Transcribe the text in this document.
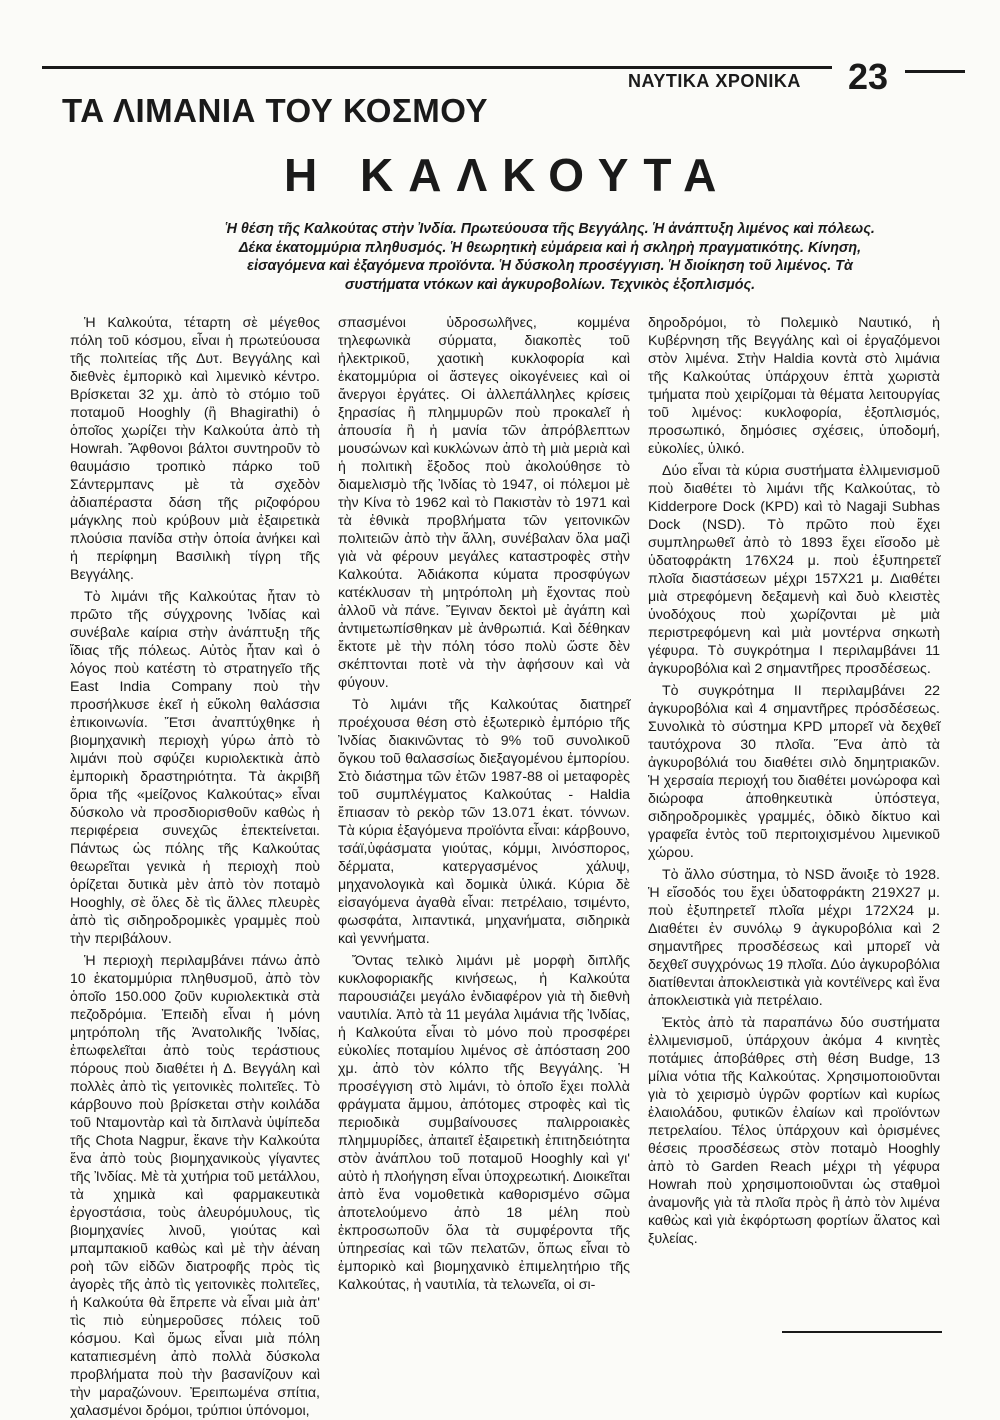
ΤΑ ΛΙΜΑΝΙΑ ΤΟΥ ΚΟΣΜΟΥ
ΝΑΥΤΙΚΑ ΧΡΟΝΙΚΑ 23
Η ΚΑΛΚΟΥΤΑ
Ἡ θέση τῆς Καλκούτας στὴν Ἰνδία. Πρωτεύουσα τῆς Βεγγάλης. Ἡ ἀνάπτυξη λιμένος καὶ πόλεως. Δέκα ἑκατομμύρια πληθυσμός. Ἡ θεωρητικὴ εὐμάρεια καὶ ἡ σκληρὴ πραγματικότης. Κίνηση, εἰσαγόμενα καὶ ἐξαγόμενα προϊόντα. Ἡ δύσκολη προσέγγιση. Ἡ διοίκηση τοῦ λιμένος. Τὰ συστήματα ντόκων καὶ ἀγκυροβολίων. Τεχνικὸς ἐξοπλισμός.

Ἡ Καλκούτα, τέταρτη σὲ μέγεθος πόλη τοῦ κόσμου, εἶναι ἡ πρωτεύουσα τῆς πολιτείας τῆς Δυτ. Βεγγάλης καὶ διεθνὲς ἐμπορικὸ καὶ λιμενικὸ κέντρο. Βρίσκεται 32 χμ. ἀπὸ τὸ στόμιο τοῦ ποταμοῦ Hooghly (ἢ Bhagirathi) ὁ ὁποῖος χωρίζει τὴν Καλκούτα ἀπὸ τὴ Howrah. Ἄφθονοι βάλτοι συντηροῦν τὸ θαυμάσιο τροπικὸ πάρκο τοῦ Σάντερμπανς μὲ τὰ σχεδὸν ἀδιαπέραστα δάση τῆς ριζοφόρου μάγκλης ποὺ κρύβουν μιὰ ἐξαιρετικὰ πλούσια πανίδα στὴν ὁποία ἀνήκει καὶ ἡ περίφημη Βασιλικὴ τίγρη τῆς Βεγγάλης.

Τὸ λιμάνι τῆς Καλκούτας ἦταν τὸ πρῶτο τῆς σύγχρονης Ἰνδίας καὶ συνέβαλε καίρια στὴν ἀνάπτυξη τῆς ἴδιας τῆς πόλεως. Αὐτὸς ἦταν καὶ ὁ λόγος ποὺ κατέστη τὸ στρατηγεῖο τῆς East India Company ποὺ τὴν προσήλκυσε ἐκεῖ ἡ εὔκολη θαλάσσια ἐπικοινωνία. Ἔτσι ἀναπτύχθηκε ἡ βιομηχανικὴ περιοχὴ γύρω ἀπὸ τὸ λιμάνι ποὺ σφύζει κυριολεκτικὰ ἀπὸ ἐμπορικὴ δραστηριότητα. Τὰ ἀκριβῆ ὅρια τῆς «μείζονος Καλκούτας» εἶναι δύσκολο νὰ προσδιορισθοῦν καθὼς ἡ περιφέρεια συνεχῶς ἐπεκτείνεται. Πάντως ὡς πόλης τῆς Καλκούτας θεωρεῖται γενικὰ ἡ περιοχὴ ποὺ ὁρίζεται δυτικὰ μὲν ἀπὸ τὸν ποταμὸ Hooghly, σὲ ὅλες δὲ τὶς ἄλλες πλευρὲς ἀπὸ τὶς σιδηροδρομικὲς γραμμὲς ποὺ τὴν περιβάλουν.

Ἡ περιοχὴ περιλαμβάνει πάνω ἀπὸ 10 ἑκατομμύρια πληθυσμοῦ, ἀπὸ τὸν ὁποῖο 150.000 ζοῦν κυριολεκτικὰ στὰ πεζοδρόμια. Ἐπειδὴ εἶναι ἡ μόνη μητρόπολη τῆς Ἀνατολικῆς Ἰνδίας, ἐπωφελεῖται ἀπὸ τοὺς τεράστιους πόρους ποὺ διαθέτει ἡ Δ. Βεγγάλη καὶ πολλὲς ἀπὸ τὶς γειτονικὲς πολιτεῖες. Τὸ κάρβουνο ποὺ βρίσκεται στὴν κοιλάδα τοῦ Νταμοντὰρ καὶ τὰ διπλανὰ ὑψίπεδα τῆς Chota Nagpur, ἔκανε τὴν Καλκούτα ἕνα ἀπὸ τοὺς βιομηχανικοὺς γίγαντες τῆς Ἰνδίας. Μὲ τὰ χυτήρια τοῦ μετάλλου, τὰ χημικὰ καὶ φαρμακευτικὰ ἐργοστάσια, τοὺς ἀλευρόμυλους, τὶς βιομηχανίες λινοῦ, γιούτας καὶ μπαμπακιοῦ καθὼς καὶ μὲ τὴν ἀέναη ροὴ τῶν εἰδῶν διατροφῆς πρὸς τὶς ἀγορὲς τῆς ἀπὸ τὶς γειτονικὲς πολιτεῖες, ἡ Καλκούτα θὰ ἔπρεπε νὰ εἶναι μιὰ ἀπ' τὶς πιὸ εὐημεροῦσες πόλεις τοῦ κόσμου. Καὶ ὅμως εἶναι μιὰ πόλη καταπιεσμένη ἀπὸ πολλὰ δύσκολα προβλήματα ποὺ τὴν βασανίζουν καὶ τὴν μαραζώνουν. Ἐρειπωμένα σπίτια, χαλασμένοι δρόμοι, τρύπιοι ὑπόνομοι,

σπασμένοι ὑδροσωλῆνες, κομμένα τηλεφωνικὰ σύρματα, διακοπὲς τοῦ ἠλεκτρικοῦ, χαοτικὴ κυκλοφορία καὶ ἑκατομμύρια οἱ ἄστεγες οἰκογένειες καὶ οἱ ἄνεργοι ἐργάτες. Οἱ ἀλλεπάλληλες κρίσεις ξηρασίας ἢ πλημμυρῶν ποὺ προκαλεῖ ἡ ἀπουσία ἢ ἡ μανία τῶν ἀπρόβλεπτων μουσώνων καὶ κυκλώνων ἀπὸ τὴ μιὰ μεριὰ καὶ ἡ πολιτικὴ ἔξοδος ποὺ ἀκολούθησε τὸ διαμελισμὸ τῆς Ἰνδίας τὸ 1947, οἱ πόλεμοι μὲ τὴν Κίνα τὸ 1962 καὶ τὸ Πακιστὰν τὸ 1971 καὶ τὰ ἐθνικὰ προβλήματα τῶν γειτονικῶν πολιτειῶν ἀπὸ τὴν ἄλλη, συνέβαλαν ὅλα μαζὶ γιὰ νὰ φέρουν μεγάλες καταστροφὲς στὴν Καλκούτα. Ἀδιάκοπα κύματα προσφύγων κατέκλυσαν τὴ μητρόπολη μὴ ἔχοντας ποὺ ἀλλοῦ νὰ πάνε. Ἔγιναν δεκτοὶ μὲ ἀγάπη καὶ ἀντιμετωπίσθηκαν μὲ ἀνθρωπιά. Καὶ δέθηκαν ἔκτοτε μὲ τὴν πόλη τόσο πολὺ ὥστε δὲν σκέπτονται ποτὲ νὰ τὴν ἀφήσουν καὶ νὰ φύγουν.

Τὸ λιμάνι τῆς Καλκούτας διατηρεῖ προέχουσα θέση στὸ ἐξωτερικὸ ἐμπόριο τῆς Ἰνδίας διακινῶντας τὸ 9% τοῦ συνολικοῦ ὄγκου τοῦ θαλασσίως διεξαγομένου ἐμπορίου. Στὸ διάστημα τῶν ἐτῶν 1987-88 οἱ μεταφορὲς τοῦ συμπλέγματος Καλκούτας - Haldia ἔπιασαν τὸ ρεκὸρ τῶν 13.071 ἑκατ. τόννων. Τὰ κύρια ἐξαγόμενα προϊόντα εἶναι: κάρβουνο, τσάϊ,ὑφάσματα γιούτας, κόμμι, λινόσπορος, δέρματα, κατεργασμένος χάλυψ, μηχανολογικὰ καὶ δομικὰ ὑλικά. Κύρια δὲ εἰσαγόμενα ἀγαθὰ εἶναι: πετρέλαιο, τσιμέντο, φωσφάτα, λιπαντικά, μηχανήματα, σιδηρικὰ καὶ γεννήματα.

Ὄντας τελικὸ λιμάνι μὲ μορφὴ διπλῆς κυκλοφοριακῆς κινήσεως, ἡ Καλκούτα παρουσιάζει μεγάλο ἐνδιαφέρον γιὰ τὴ διεθνὴ ναυτιλία. Ἀπὸ τὰ 11 μεγάλα λιμάνια τῆς Ἰνδίας, ἡ Καλκούτα εἶναι τὸ μόνο ποὺ προσφέρει εὐκολίες ποταμίου λιμένος σὲ ἀπόσταση 200 χμ. ἀπὸ τὸν κόλπο τῆς Βεγγάλης. Ἡ προσέγγιση στὸ λιμάνι, τὸ ὁποῖο ἔχει πολλὰ φράγματα ἄμμου, ἀπότομες στροφὲς καὶ τὶς περιοδικὰ συμβαίνουσες παλιρροιακὲς πλημμυρίδες, ἀπαιτεῖ ἐξαιρετικὴ ἐπιτηδειότητα στὸν ἀνάπλου τοῦ ποταμοῦ Hooghly καὶ γι' αὐτὸ ἡ πλοήγηση εἶναι ὑποχρεωτική. Διοικεῖται ἀπὸ ἕνα νομοθετικὰ καθορισμένο σῶμα ἀποτελούμενο ἀπὸ 18 μέλη ποὺ ἐκπροσωποῦν ὅλα τὰ συμφέροντα τῆς ὑπηρεσίας καὶ τῶν πελατῶν, ὅπως εἶναι τὸ ἐμπορικὸ καὶ βιομηχανικὸ ἐπιμελητήριο τῆς Καλκούτας, ἡ ναυτιλία, τὰ τελωνεῖα, οἱ σι-

δηροδρόμοι, τὸ Πολεμικὸ Ναυτικό, ἡ Κυβέρνηση τῆς Βεγγάλης καὶ οἱ ἐργαζόμενοι στὸν λιμένα. Στὴν Haldia κοντὰ στὸ λιμάνια τῆς Καλκούτας ὑπάρχουν ἑπτὰ χωριστὰ τμήματα ποὺ χειρίζομαι τὰ θέματα λειτουργίας τοῦ λιμένος: κυκλοφορία, ἐξοπλισμός, προσωπικό, δημόσιες σχέσεις, ὑποδομή, εὐκολίες, ὑλικό.

Δύο εἶναι τὰ κύρια συστήματα ἐλλιμενισμοῦ ποὺ διαθέτει τὸ λιμάνι τῆς Καλκούτας, τὸ Kidderpore Dock (KPD) καὶ τὸ Nagaji Subhas Dock (NSD). Τὸ πρῶτο ποὺ ἔχει συμπληρωθεῖ ἀπὸ τὸ 1893 ἔχει εἴσοδο μὲ ὑδατοφράκτη 176Χ24 μ. ποὺ ἐξυπηρετεῖ πλοῖα διαστάσεων μέχρι 157Χ21 μ. Διαθέτει μιὰ στρεφόμενη δεξαμενὴ καὶ δυὸ κλειστὲς ὑνοδόχους ποὺ χωρίζονται μὲ μιὰ περιστρεφόμενη καὶ μιὰ μοντέρνα σηκωτὴ γέφυρα. Τὸ συγκρότημα Ι περιλαμβάνει 11 ἀγκυροβόλια καὶ 2 σημαντῆρες προσδέσεως.

Τὸ συγκρότημα ΙΙ περιλαμβάνει 22 ἀγκυροβόλια καὶ 4 σημαντῆρες πρόσδέσεως. Συνολικὰ τὸ σύστημα KPD μπορεῖ νὰ δεχθεῖ ταυτόχρονα 30 πλοῖα. Ἕνα ἀπὸ τὰ ἀγκυροβόλιά του διαθέτει σιλὸ δημητριακῶν. Ἡ χερσαία περιοχή του διαθέτει μονώροφα καὶ διώροφα ἀποθηκευτικὰ ὑπόστεγα, σιδηροδρομικὲς γραμμές, ὁδικὸ δίκτυο καὶ γραφεῖα ἐντὸς τοῦ περιτοιχισμένου λιμενικοῦ χώρου.

Τὸ ἄλλο σύστημα, τὸ NSD ἄνοιξε τὸ 1928. Ἡ εἴσοδός του ἔχει ὑδατοφράκτη 219Χ27 μ. ποὺ ἐξυπηρετεῖ πλοῖα μέχρι 172Χ24 μ. Διαθέτει ἐν συνόλῳ 9 ἀγκυροβόλια καὶ 2 σημαντῆρες προσδέσεως καὶ μπορεῖ νὰ δεχθεῖ συγχρόνως 19 πλοῖα. Δύο ἀγκυροβόλια διατίθενται ἀποκλειστικὰ γιὰ κοντέϊνερς καὶ ἕνα ἀποκλειστικὰ γιὰ πετρέλαιο.

Ἐκτὸς ἀπὸ τὰ παραπάνω δύο συστήματα ἐλλιμενισμοῦ, ὑπάρχουν ἀκόμα 4 κινητὲς ποτάμιες ἀποβάθρες στὴ θέση Budge, 13 μίλια νότια τῆς Καλκούτας. Χρησιμοποιοῦνται γιὰ τὸ χειρισμὸ ὑγρῶν φορτίων καὶ κυρίως ἐλαιολάδου, φυτικῶν ἐλαίων καὶ προϊόντων πετρελαίου. Τέλος ὑπάρχουν καὶ ὁρισμένες θέσεις προσδέσεως στὸν ποταμὸ Hooghly ἀπὸ τὸ Garden Reach μέχρι τὴ γέφυρα Howrah ποὺ χρησιμοποιοῦνται ὡς σταθμοὶ ἀναμονῆς γιὰ τὰ πλοῖα πρὸς ἢ ἀπὸ τὸν λιμένα καθὼς καὶ γιὰ ἐκφόρτωση φορτίων ἅλατος καὶ ξυλείας.
